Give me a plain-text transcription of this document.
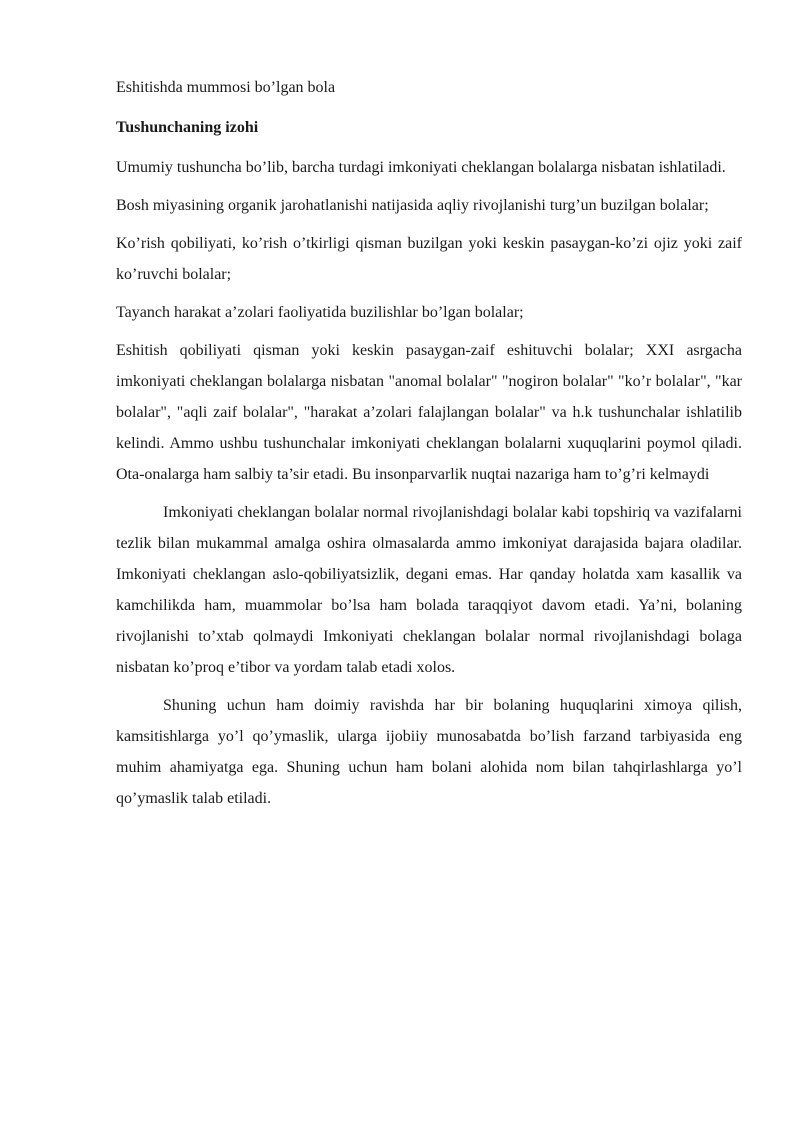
Eshitishda mummosi bo’lgan bola

Tushunchaning izohi

Umumiy tushuncha bo’lib, barcha turdagi imkoniyati cheklangan bolalarga nisbatan ishlatiladi.

Bosh miyasining organik jarohatlanishi natijasida aqliy rivojlanishi turg’un buzilgan bolalar;

Ko’rish qobiliyati, ko’rish o’tkirligi qisman buzilgan yoki keskin pasaygan-ko’zi ojiz yoki zaif ko’ruvchi bolalar;

Tayanch harakat a’zolari faoliyatida buzilishlar bo’lgan bolalar;

Eshitish qobiliyati qisman yoki keskin pasaygan-zaif eshituvchi bolalar; XXI asrgacha imkoniyati cheklangan bolalarga nisbatan "anomal bolalar" "nogiron bolalar" "ko’r bolalar", "kar bolalar", "aqli zaif bolalar", "harakat a’zolari falajlangan bolalar" va h.k tushunchalar ishlatilib kelindi. Ammo ushbu tushunchalar imkoniyati cheklangan bolalarni xuquqlarini poymol qiladi. Ota-onalarga ham salbiy ta’sir etadi. Bu insonparvarlik nuqtai nazariga ham to’g’ri kelmaydi

Imkoniyati cheklangan bolalar normal rivojlanishdagi bolalar kabi topshiriq va vazifalarni tezlik bilan mukammal amalga oshira olmasalarda ammo imkoniyat darajasida bajara oladilar. Imkoniyati cheklangan aslo-qobiliyatsizlik, degani emas. Har qanday holatda xam kasallik va kamchilikda ham, muammolar bo’lsa ham bolada taraqqiyot davom etadi. Ya’ni, bolaning rivojlanishi to’xtab qolmaydi Imkoniyati cheklangan bolalar normal rivojlanishdagi bolaga nisbatan ko’proq e’tibor va yordam talab etadi xolos.

Shuning uchun ham doimiy ravishda har bir bolaning huquqlarini ximoya qilish, kamsitishlarga yo’l qo’ymaslik, ularga ijobiiy munosabatda bo’lish farzand tarbiyasida eng muhim ahamiyatga ega. Shuning uchun ham bolani alohida nom bilan tahqirlashlarga yo’l qo’ymaslik talab etiladi.
